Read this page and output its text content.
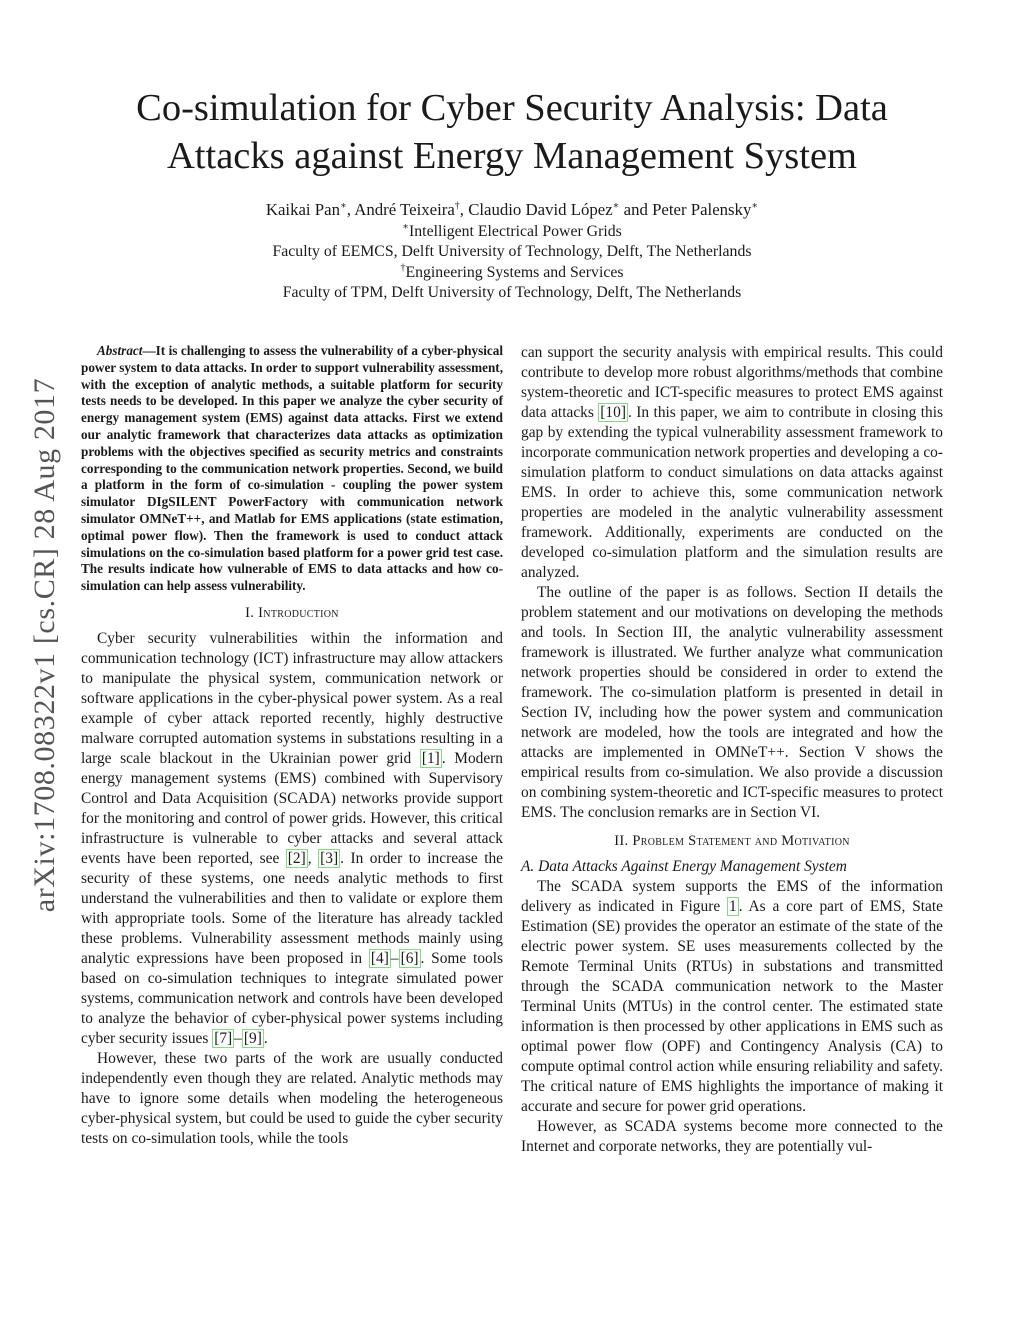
arXiv:1708.08322v1 [cs.CR] 28 Aug 2017
Co-simulation for Cyber Security Analysis: Data
Attacks against Energy Management System
Kaikai Pan∗, André Teixeira†, Claudio David López∗ and Peter Palensky∗
∗Intelligent Electrical Power Grids
Faculty of EEMCS, Delft University of Technology, Delft, The Netherlands
†Engineering Systems and Services
Faculty of TPM, Delft University of Technology, Delft, The Netherlands

Abstract—It is challenging to assess the vulnerability of a cyber-physical power system to data attacks. In order to support vulnerability assessment, with the exception of analytic methods, a suitable platform for security tests needs to be developed. In this paper we analyze the cyber security of energy management system (EMS) against data attacks. First we extend our analytic framework that characterizes data attacks as optimization problems with the objectives specified as security metrics and constraints corresponding to the communication network properties. Second, we build a platform in the form of co-simulation - coupling the power system simulator DIgSILENT PowerFactory with communication network simulator OMNeT++, and Matlab for EMS applications (state estimation, optimal power flow). Then the framework is used to conduct attack simulations on the co-simulation based platform for a power grid test case. The results indicate how vulnerable of EMS to data attacks and how co-simulation can help assess vulnerability.

I. Introduction

Cyber security vulnerabilities within the information and communication technology (ICT) infrastructure may allow attackers to manipulate the physical system, communication network or software applications in the cyber-physical power system. As a real example of cyber attack reported recently, highly destructive malware corrupted automation systems in substations resulting in a large scale blackout in the Ukrainian power grid [1] . Modern energy management systems (EMS) combined with Supervisory Control and Data Acquisition (SCADA) networks provide support for the monitoring and control of power grids. However, this critical infrastructure is vulnerable to cyber attacks and several attack events have been reported, see [2] , [3] . In order to increase the security of these systems, one needs analytic methods to first understand the vulnerabilities and then to validate or explore them with appropriate tools. Some of the literature has already tackled these problems. Vulnerability assessment methods mainly using analytic expressions have been proposed in [4] – [6] . Some tools based on co-simulation techniques to integrate simulated power systems, communication network and controls have been developed to analyze the behavior of cyber-physical power systems including cyber security issues [7] – [9] .

However, these two parts of the work are usually conducted independently even though they are related. Analytic methods may have to ignore some details when modeling the heterogeneous cyber-physical system, but could be used to guide the cyber security tests on co-simulation tools, while the tools

can support the security analysis with empirical results. This could contribute to develop more robust algorithms/methods that combine system-theoretic and ICT-specific measures to protect EMS against data attacks [10] . In this paper, we aim to contribute in closing this gap by extending the typical vulnerability assessment framework to incorporate communication network properties and developing a co-simulation platform to conduct simulations on data attacks against EMS. In order to achieve this, some communication network properties are modeled in the analytic vulnerability assessment framework. Additionally, experiments are conducted on the developed co-simulation platform and the simulation results are analyzed.

The outline of the paper is as follows. Section II details the problem statement and our motivations on developing the methods and tools. In Section III, the analytic vulnerability assessment framework is illustrated. We further analyze what communication network properties should be considered in order to extend the framework. The co-simulation platform is presented in detail in Section IV, including how the power system and communication network are modeled, how the tools are integrated and how the attacks are implemented in OMNeT++. Section V shows the empirical results from co-simulation. We also provide a discussion on combining system-theoretic and ICT-specific measures to protect EMS. The conclusion remarks are in Section VI.

II. Problem Statement and Motivation

A. Data Attacks Against Energy Management System

The SCADA system supports the EMS of the information delivery as indicated in Figure 1 . As a core part of EMS, State Estimation (SE) provides the operator an estimate of the state of the electric power system. SE uses measurements collected by the Remote Terminal Units (RTUs) in substations and transmitted through the SCADA communication network to the Master Terminal Units (MTUs) in the control center. The estimated state information is then processed by other applications in EMS such as optimal power flow (OPF) and Contingency Analysis (CA) to compute optimal control action while ensuring reliability and safety. The critical nature of EMS highlights the importance of making it accurate and secure for power grid operations.

However, as SCADA systems become more connected to the Internet and corporate networks, they are potentially vul-
